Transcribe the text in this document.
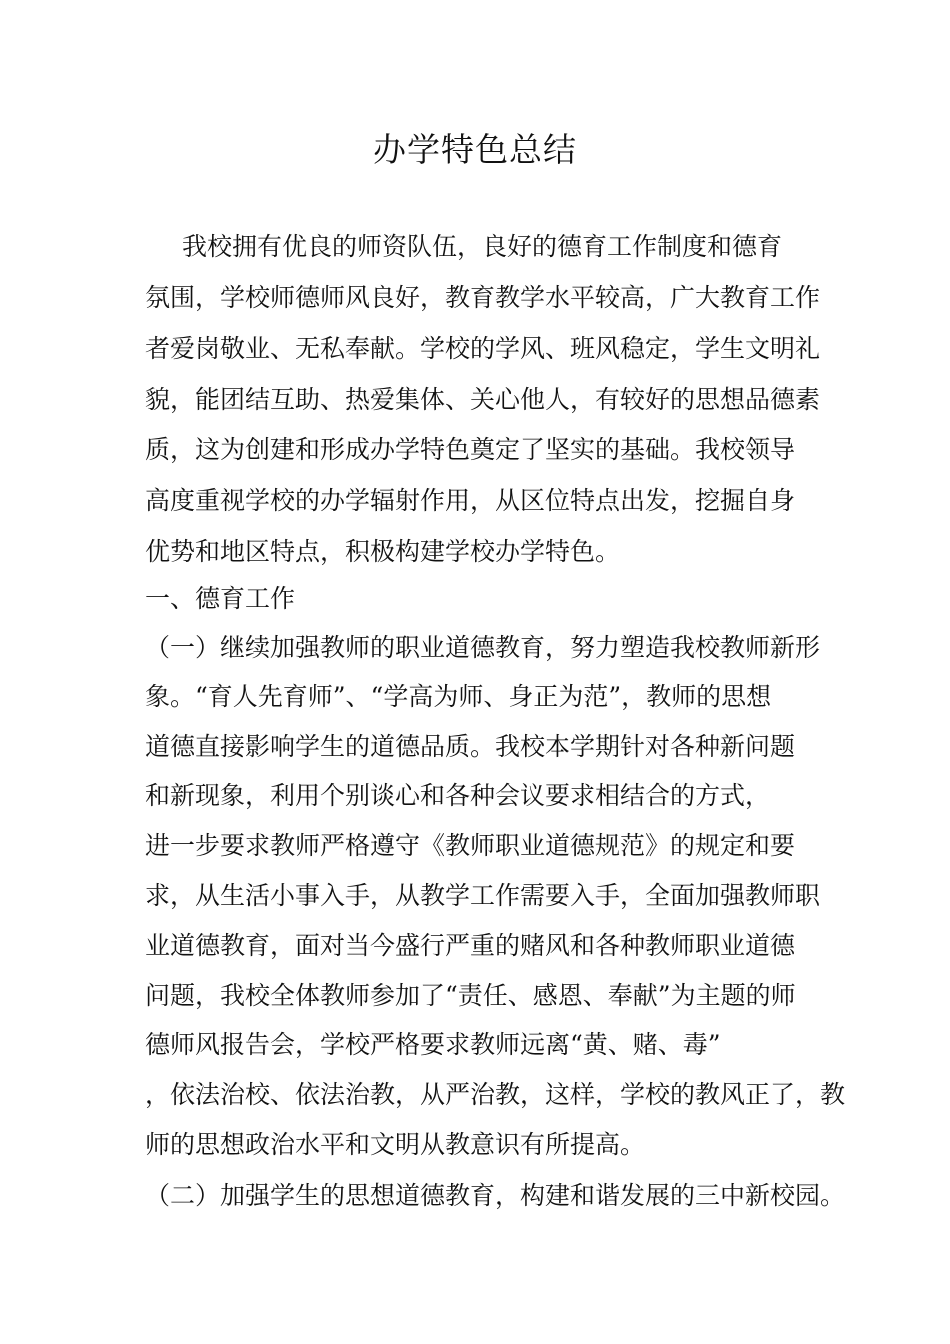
办学特色总结

我校拥有优良的师资队伍，良好的德育工作制度和德育

氛围，学校师德师风良好，教育教学水平较高，广大教育工作

者爱岗敬业、无私奉献。学校的学风、班风稳定，学生文明礼

貌，能团结互助、热爱集体、关心他人，有较好的思想品德素

质，这为创建和形成办学特色奠定了坚实的基础。我校领导

高度重视学校的办学辐射作用，从区位特点出发，挖掘自身

优势和地区特点，积极构建学校办学特色。

一、德育工作

（一）继续加强教师的职业道德教育，努力塑造我校教师新形

象。“育人先育师”、“学高为师、身正为范”，教师的思想

道德直接影响学生的道德品质。我校本学期针对各种新问题

和新现象，利用个别谈心和各种会议要求相结合的方式，

进一步要求教师严格遵守《教师职业道德规范》的规定和要

求，从生活小事入手，从教学工作需要入手，全面加强教师职

业道德教育，面对当今盛行严重的赌风和各种教师职业道德

问题，我校全体教师参加了“责任、感恩、奉献”为主题的师

德师风报告会，学校严格要求教师远离“黄、赌、毒”

，依法治校、依法治教，从严治教，这样，学校的教风正了，教

师的思想政治水平和文明从教意识有所提高。

（二）加强学生的思想道德教育，构建和谐发展的三中新校园。
